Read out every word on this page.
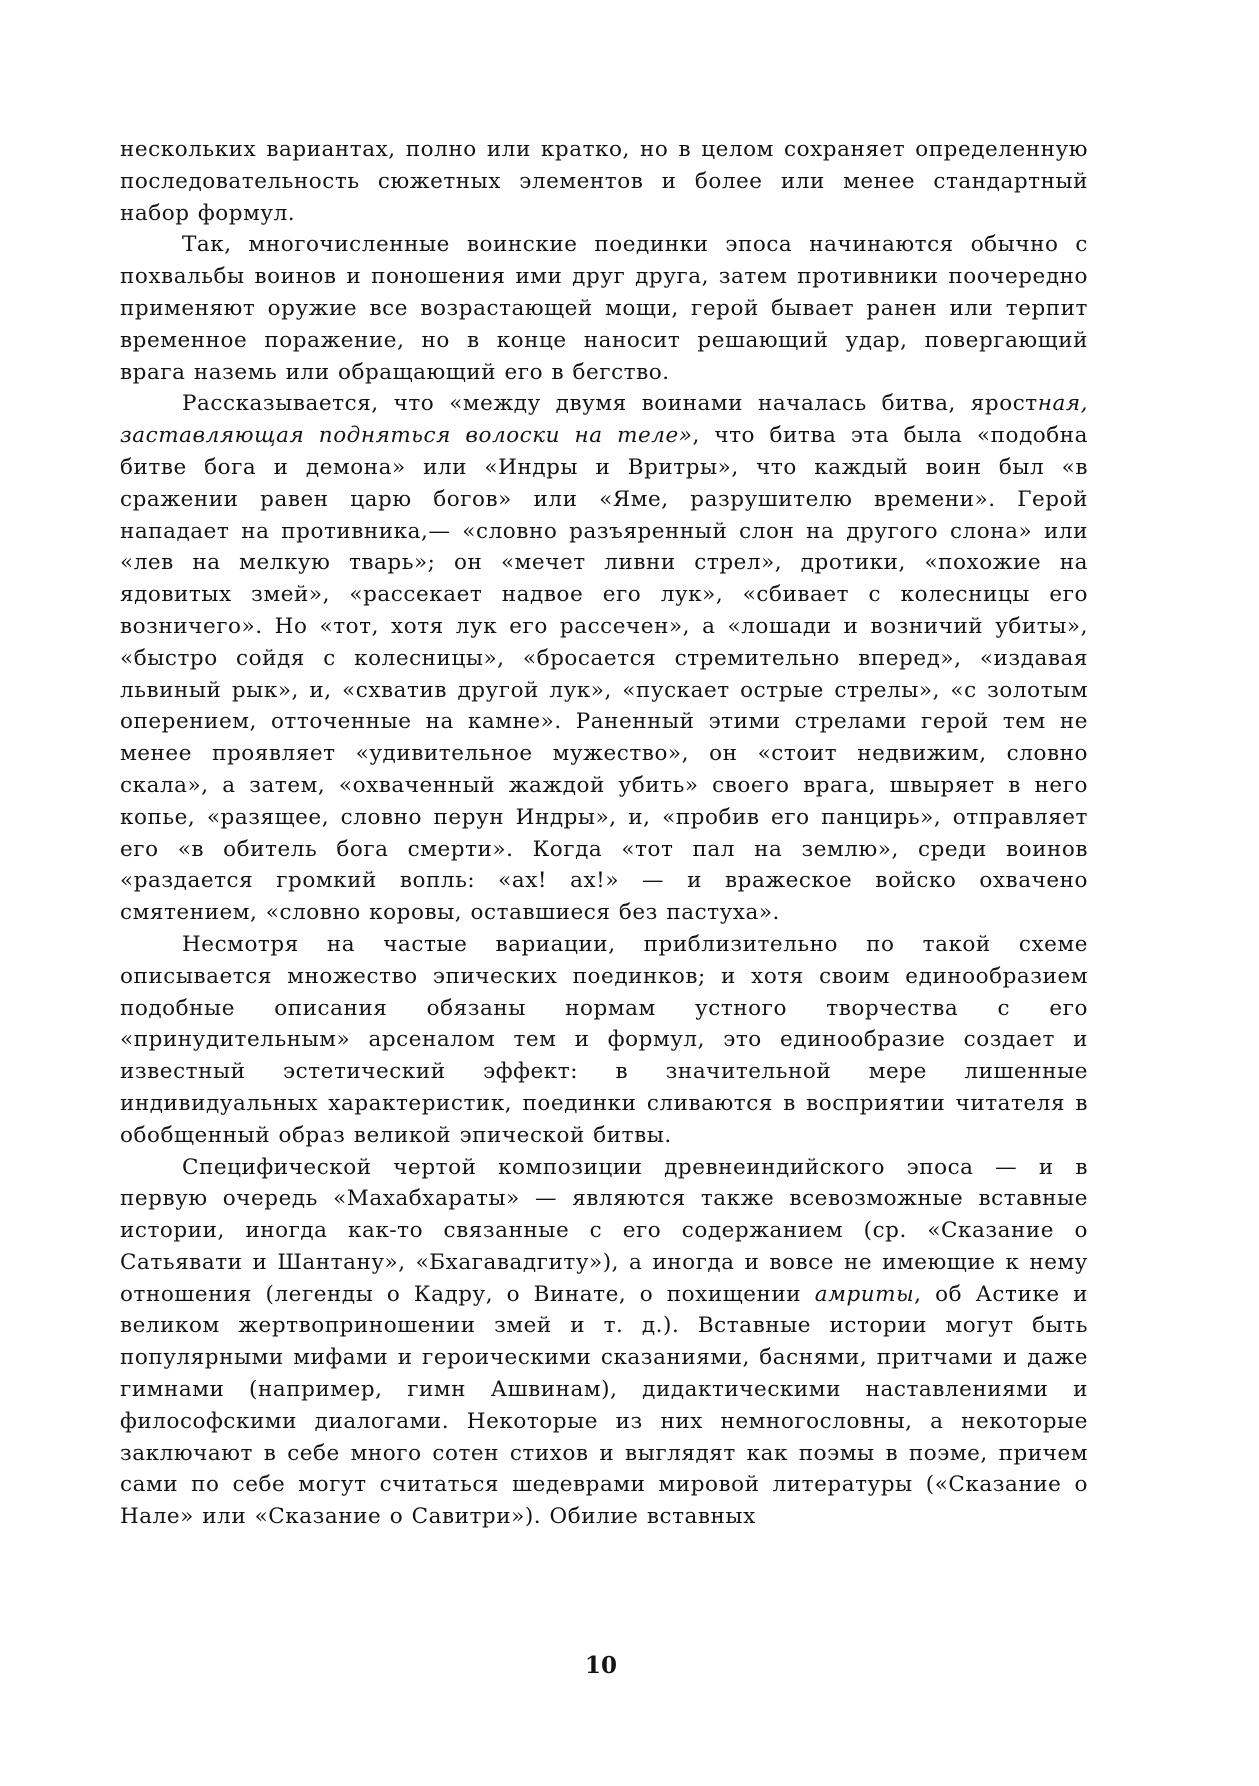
нескольких вариантах, полно или кратко, но в целом сохраняет определенную последовательность сюжетных элементов и более или менее стандартный набор формул.

Так, многочисленные воинские поединки эпоса начинаются обычно с похвальбы воинов и поношения ими друг друга, затем противники поочередно применяют оружие все возрастающей мощи, герой бывает ранен или терпит временное поражение, но в конце наносит решающий удар, повергающий врага наземь или обращающий его в бегство.

Рассказывается, что «между двумя воинами началась битва, яростная, заставляющая подняться волоски на теле», что битва эта была «подобна битве бога и демона» или «Индры и Вритры», что каждый воин был «в сражении равен царю богов» или «Яме, разрушителю времени». Герой нападает на противника,— «словно разъяренный слон на другого слона» или «лев на мелкую тварь»; он «мечет ливни стрел», дротики, «похожие на ядовитых змей», «рассекает надвое его лук», «сбивает с колесницы его возничего». Но «тот, хотя лук его рассечен», а «лошади и возничий убиты», «быстро сойдя с колесницы», «бросается стремительно вперед», «издавая львиный рык», и, «схватив другой лук», «пускает острые стрелы», «с золотым оперением, отточенные на камне». Раненный этими стрелами герой тем не менее проявляет «удивительное мужество», он «стоит недвижим, словно скала», а затем, «охваченный жаждой убить» своего врага, швыряет в него копье, «разящее, словно перун Индры», и, «пробив его панцирь», отправляет его «в обитель бога смерти». Когда «тот пал на землю», среди воинов «раздается громкий вопль: «ах! ах!» — и вражеское войско охвачено смятением, «словно коровы, оставшиеся без пастуха».

Несмотря на частые вариации, приблизительно по такой схеме описывается множество эпических поединков; и хотя своим единообразием подобные описания обязаны нормам устного творчества с его «принудительным» арсеналом тем и формул, это единообразие создает и известный эстетический эффект: в значительной мере лишенные индивидуальных характеристик, поединки сливаются в восприятии читателя в обобщенный образ великой эпической битвы.

Специфической чертой композиции древнеиндийского эпоса — и в первую очередь «Махабхараты» — являются также всевозможные вставные истории, иногда как-то связанные с его содержанием (ср. «Сказание о Сатьявати и Шантану», «Бхагавадгиту»), а иногда и вовсе не имеющие к нему отношения (легенды о Кадру, о Винате, о похищении амриты, об Астике и великом жертвоприношении змей и т. д.). Вставные истории могут быть популярными мифами и героическими сказаниями, баснями, притчами и даже гимнами (например, гимн Ашвинам), дидактическими наставлениями и философскими диалогами. Некоторые из них немногословны, а некоторые заключают в себе много сотен стихов и выглядят как поэмы в поэме, причем сами по себе могут считаться шедеврами мировой литературы («Сказание о Нале» или «Сказание о Савитри»). Обилие вставных

10
